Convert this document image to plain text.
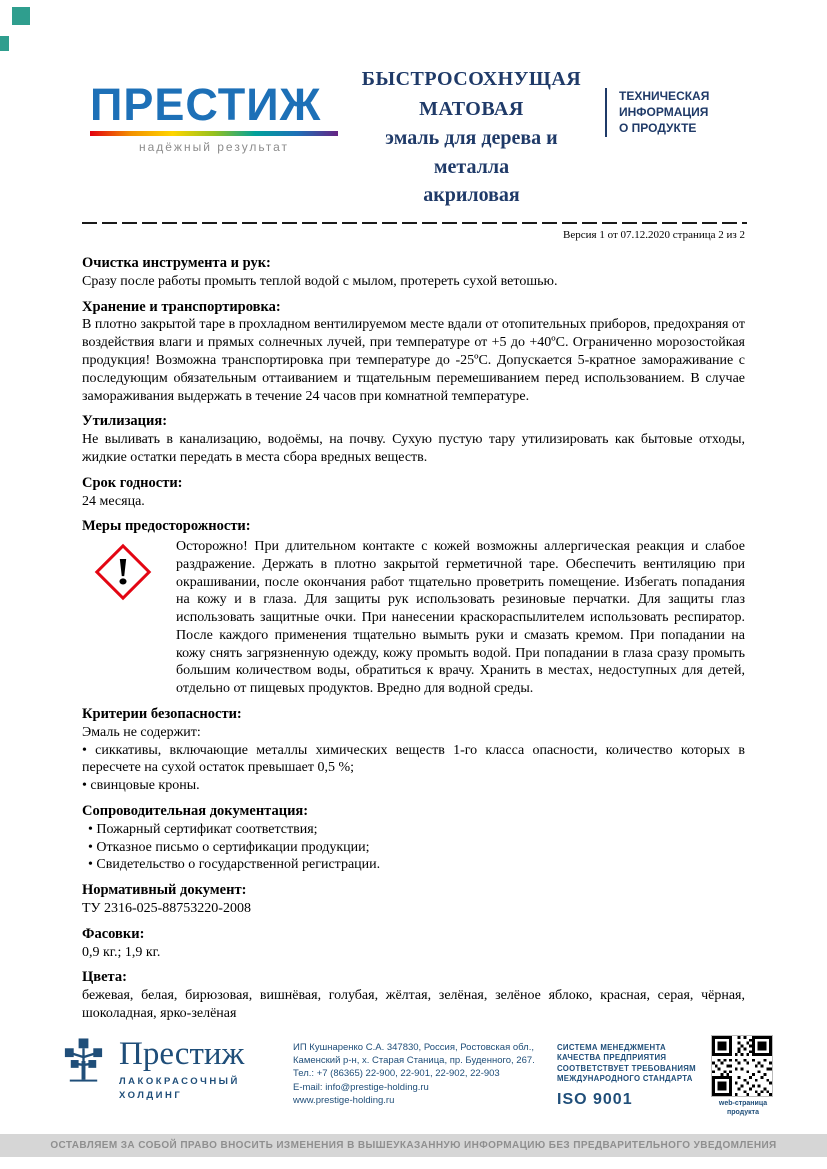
ПРЕСТИЖ
надёжный результат
БЫСТРОСОХНУЩАЯ
МАТОВАЯ
эмаль для дерева и металла
акриловая
ТЕХНИЧЕСКАЯ
ИНФОРМАЦИЯ
О ПРОДУКТЕ
Версия 1 от 07.12.2020 страница 2 из 2
Очистка инструмента и рук:

Сразу после работы промыть теплой водой с мылом, протереть сухой ветошью.

Хранение и транспортировка:

В плотно закрытой таре в прохладном вентилируемом месте вдали от отопительных приборов, предохраняя от воздействия влаги и прямых солнечных лучей, при температуре от +5 до +40ºС. Ограниченно морозостойкая продукция! Возможна транспортировка при температуре до -25ºС. Допускается 5-кратное замораживание с последующим обязательным оттаиванием и тщательным перемешиванием перед использованием. В случае замораживания выдержать в течение 24 часов при комнатной температуре.

Утилизация:

Не выливать в канализацию, водоёмы, на почву. Сухую пустую тару утилизировать как бытовые отходы, жидкие остатки передать в места сбора вредных веществ.

Срок годности:

24 месяца.

Меры предосторожности:
!

Осторожно! При длительном контакте с кожей возможны аллергическая реакция и слабое раздражение. Держать в плотно закрытой герметичной таре. Обеспечить вентиляцию при окрашивании, после окончания работ тщательно проветрить помещение. Избегать попадания на кожу и в глаза. Для защиты рук использовать резиновые перчатки. Для защиты глаз использовать защитные очки. При нанесении краскораспылителем использовать респиратор. После каждого применения тщательно вымыть руки и смазать кремом. При попадании на кожу снять загрязненную одежду, кожу промыть водой. При попадании в глаза сразу промыть большим количеством воды, обратиться к врачу. Хранить в местах, недоступных для детей, отдельно от пищевых продуктов. Вредно для водной среды.

Критерии безопасности:

Эмаль не содержит:

• сиккативы, включающие металлы химических веществ 1-го класса опасности, количество которых в пересчете на сухой остаток превышает 0,5 %;

• свинцовые кроны.

Сопроводительная документация:

• Пожарный сертификат соответствия;

• Отказное письмо о сертификации продукции;

• Свидетельство о государственной регистрации.

Нормативный документ:

ТУ 2316-025-88753220-2008

Фасовки:

0,9 кг.; 1,9 кг.

Цвета:

бежевая, белая, бирюзовая, вишнёвая, голубая, жёлтая, зелёная, зелёное яблоко, красная, серая, чёрная, шоколадная, ярко-зелёная

Престиж
ЛАКОКРАСОЧНЫЙ
ХОЛДИНГ
ИП Кушнаренко С.А. 347830, Россия, Ростовская обл.,
Каменский р-н, х. Старая Станица, пр. Буденного, 267.
Тел.: +7 (86365) 22-900, 22-901, 22-902, 22-903
E-mail: info@prestige-holding.ru
www.prestige-holding.ru
СИСТЕМА МЕНЕДЖМЕНТА
КАЧЕСТВА ПРЕДПРИЯТИЯ
СООТВЕТСТВУЕТ ТРЕБОВАНИЯМ
МЕЖДУНАРОДНОГО СТАНДАРТА
ISO 9001	web-страница
продукта
ОСТАВЛЯЕМ ЗА СОБОЙ ПРАВО ВНОСИТЬ ИЗМЕНЕНИЯ В ВЫШЕУКАЗАННУЮ ИНФОРМАЦИЮ БЕЗ ПРЕДВАРИТЕЛЬНОГО УВЕДОМЛЕНИЯ
